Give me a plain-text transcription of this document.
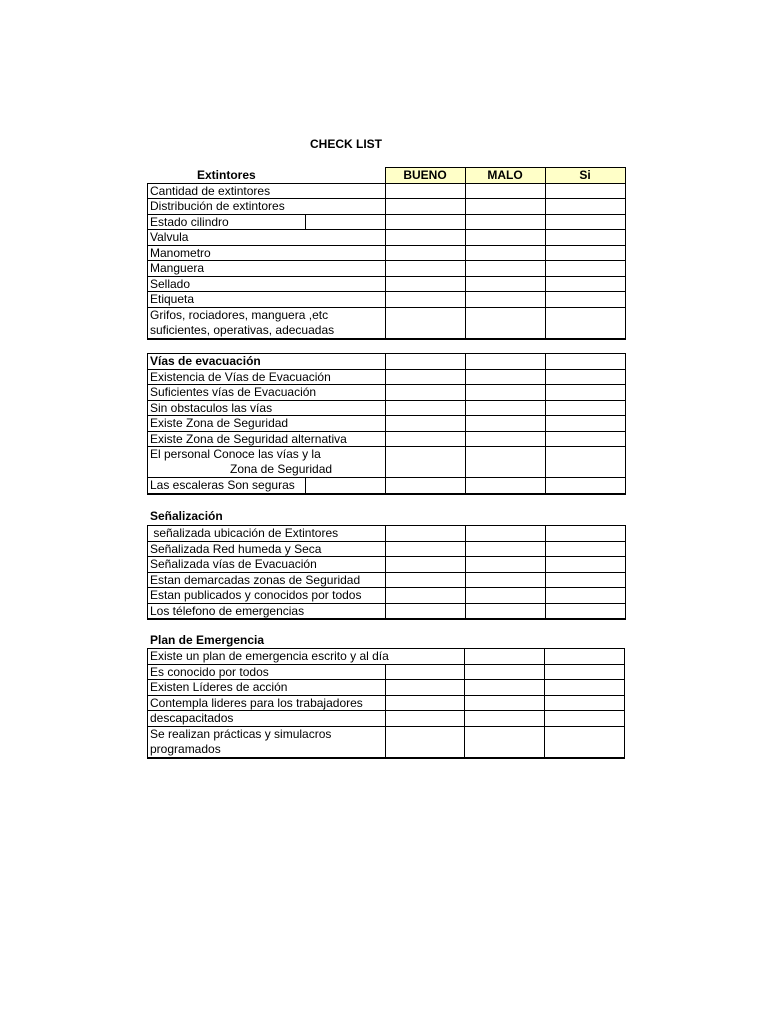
CHECK LIST
Extintores
		BUENO	MALO	Si
Cantidad de extintores			
Distribución de extintores			
Estado cilindro

Valvula			
Manometro			
Manguera			
Sellado			
Etiqueta			
Grifos, rociadores, manguera ,etc
suficientes, operativas, adecuadas			
Vías de evacuación			
Existencia de Vías de Evacuación			
Suficientes vías de Evacuación			
Sin obstaculos las vías			
Existe Zona de Seguridad			
Existe Zona de Seguridad alternativa			
El personal Conoce las vías y la

Zona de Seguridad			

Las escaleras Son seguras

Señalización
señalizada ubicación de Extintores			
Señalizada Red humeda y Seca			
Señalizada vías de Evacuación			
Estan demarcadas zonas de Seguridad			
Estan publicados y conocidos por todos			
Los télefono de emergencias			
Plan de Emergencia
Existe un plan de emergencia escrito y al día			
Es conocido por todos			
Existen Líderes de acción			
Contempla lideres para los trabajadores			
descapacitados			
Se realizan prácticas y simulacros
programados			
